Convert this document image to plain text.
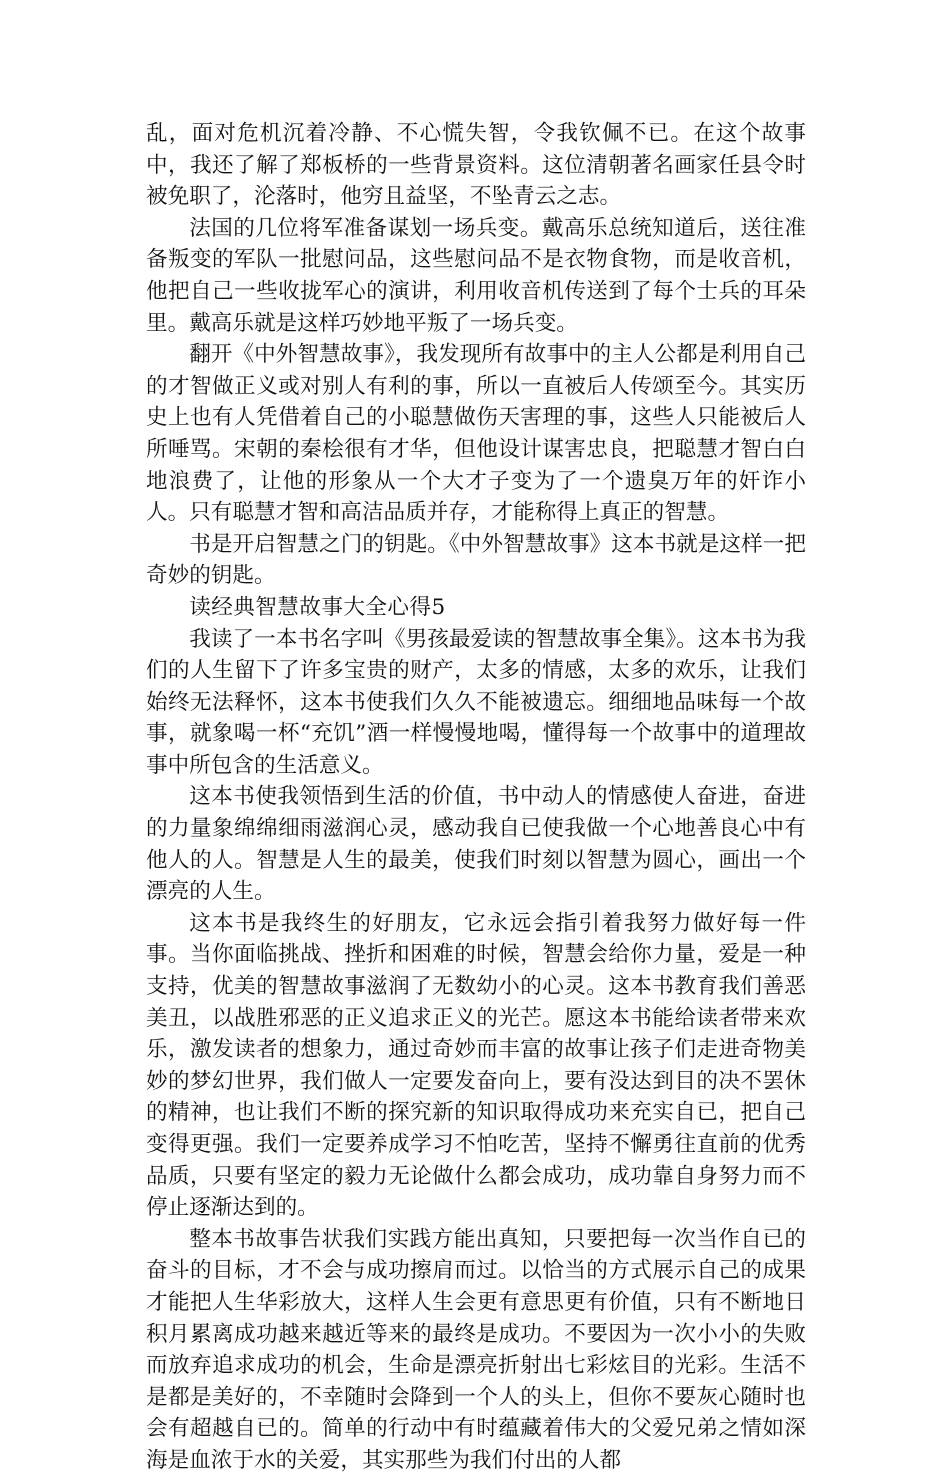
乱，面对危机沉着冷静、不心慌失智，令我钦佩不已。在这个故事中，我还了解了郑板桥的一些背景资料。这位清朝著名画家任县令时被免职了，沦落时，他穷且益坚，不坠青云之志。

法国的几位将军准备谋划一场兵变。戴高乐总统知道后，送往准备叛变的军队一批慰问品，这些慰问品不是衣物食物，而是收音机，他把自己一些收拢军心的演讲，利用收音机传送到了每个士兵的耳朵里。戴高乐就是这样巧妙地平叛了一场兵变。

翻开《中外智慧故事》，我发现所有故事中的主人公都是利用自己的才智做正义或对别人有利的事，所以一直被后人传颂至今。其实历史上也有人凭借着自己的小聪慧做伤天害理的事，这些人只能被后人所唾骂。宋朝的秦桧很有才华，但他设计谋害忠良，把聪慧才智白白地浪费了，让他的形象从一个大才子变为了一个遗臭万年的奸诈小人。只有聪慧才智和高洁品质并存，才能称得上真正的智慧。

书是开启智慧之门的钥匙。《中外智慧故事》这本书就是这样一把奇妙的钥匙。

读经典智慧故事大全心得5

我读了一本书名字叫《男孩最爱读的智慧故事全集》。这本书为我们的人生留下了许多宝贵的财产，太多的情感，太多的欢乐，让我们始终无法释怀，这本书使我们久久不能被遗忘。细细地品味每一个故事，就象喝一杯“充饥”酒一样慢慢地喝，懂得每一个故事中的道理故事中所包含的生活意义。

这本书使我领悟到生活的价值，书中动人的情感使人奋进，奋进的力量象绵绵细雨滋润心灵，感动我自已使我做一个心地善良心中有他人的人。智慧是人生的最美，使我们时刻以智慧为圆心，画出一个漂亮的人生。

这本书是我终生的好朋友，它永远会指引着我努力做好每一件事。当你面临挑战、挫折和困难的时候，智慧会给你力量，爱是一种支持，优美的智慧故事滋润了无数幼小的心灵。这本书教育我们善恶美丑，以战胜邪恶的正义追求正义的光芒。愿这本书能给读者带来欢乐，激发读者的想象力，通过奇妙而丰富的故事让孩子们走进奇物美妙的梦幻世界，我们做人一定要发奋向上，要有没达到目的决不罢休的精神，也让我们不断的探究新的知识取得成功来充实自已，把自己变得更强。我们一定要养成学习不怕吃苦，坚持不懈勇往直前的优秀品质，只要有坚定的毅力无论做什么都会成功，成功靠自身努力而不停止逐渐达到的。

整本书故事告状我们实践方能出真知，只要把每一次当作自已的奋斗的目标，才不会与成功擦肩而过。以恰当的方式展示自己的成果才能把人生华彩放大，这样人生会更有意思更有价值，只有不断地日积月累离成功越来越近等来的最终是成功。不要因为一次小小的失败而放弃追求成功的机会，生命是漂亮折射出七彩炫目的光彩。生活不是都是美好的，不幸随时会降到一个人的头上，但你不要灰心随时也会有超越自已的。简单的行动中有时蕴藏着伟大的父爱兄弟之情如深海是血浓于水的关爱，其实那些为我们付出的人都
